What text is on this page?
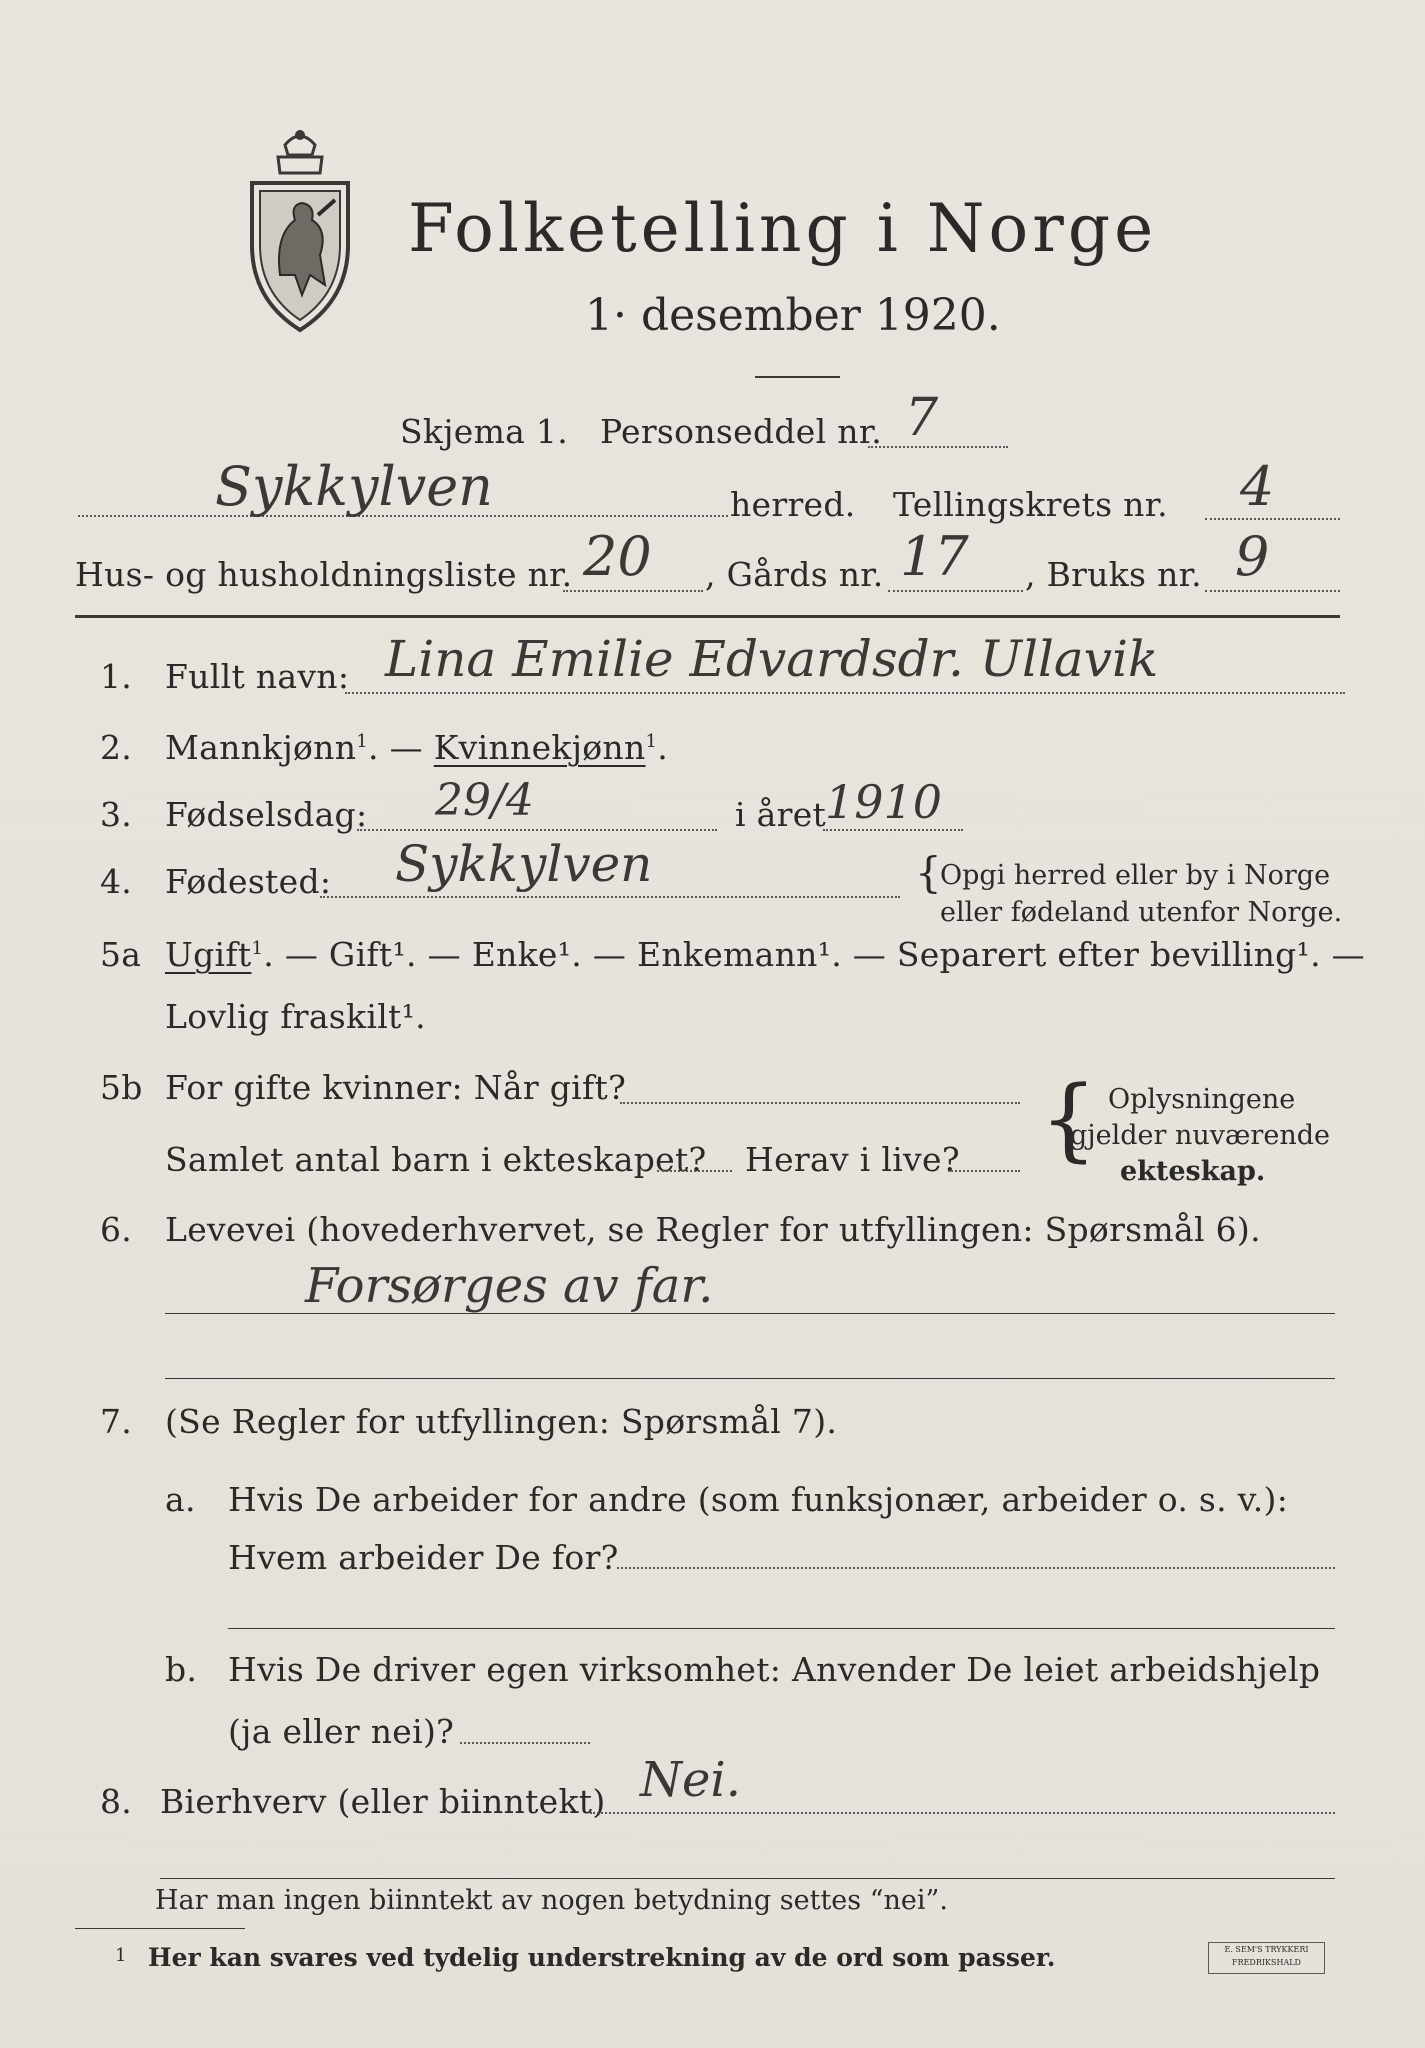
Folketelling i Norge
1· desember 1920.
Skjema 1. Personseddel nr. 7
Sykkylven	herred. Tellingskrets nr. 4
Hus- og husholdningsliste nr. 20 , Gårds nr. 17 , Bruks nr. 9
1. Fullt navn: Lina Emilie Edvardsdr. Ullavik
2. Mannkjønn$^1$. — Kvinnekjønn$^1$.
3. Fødselsdag: 29/4	i året
1910
4. Fødested: Sykkylven	{
Opgi herred eller by i Norge
eller fødeland utenfor Norge.
5a Ugift$^1$. — Gift¹. — Enke¹. — Enkemann¹. — Separert efter bevilling¹. —
Lovlig fraskilt¹.
5b For gifte kvinner: Når gift?
Samlet antal barn i ekteskapet? Herav i live? { Oplysningene
gjelder nuværende
ekteskap.
6. Levevei (hovederhvervet, se Regler for utfyllingen: Spørsmål 6).
Forsørges av far.
7. (Se Regler for utfyllingen: Spørsmål 7).
a. Hvis De arbeider for andre (som funksjonær, arbeider o. s. v.):
Hvem arbeider De for?
b. Hvis De driver egen virksomhet: Anvender De leiet arbeidshjelp
(ja eller nei)?
8. Bierhverv (eller biinntekt) Nei.
Har man ingen biinntekt av nogen betydning settes “nei”.
1 Her kan svares ved tydelig understrekning av de ord som passer.	E. SEM'S TRYKKERI
FREDRIKSHALD
